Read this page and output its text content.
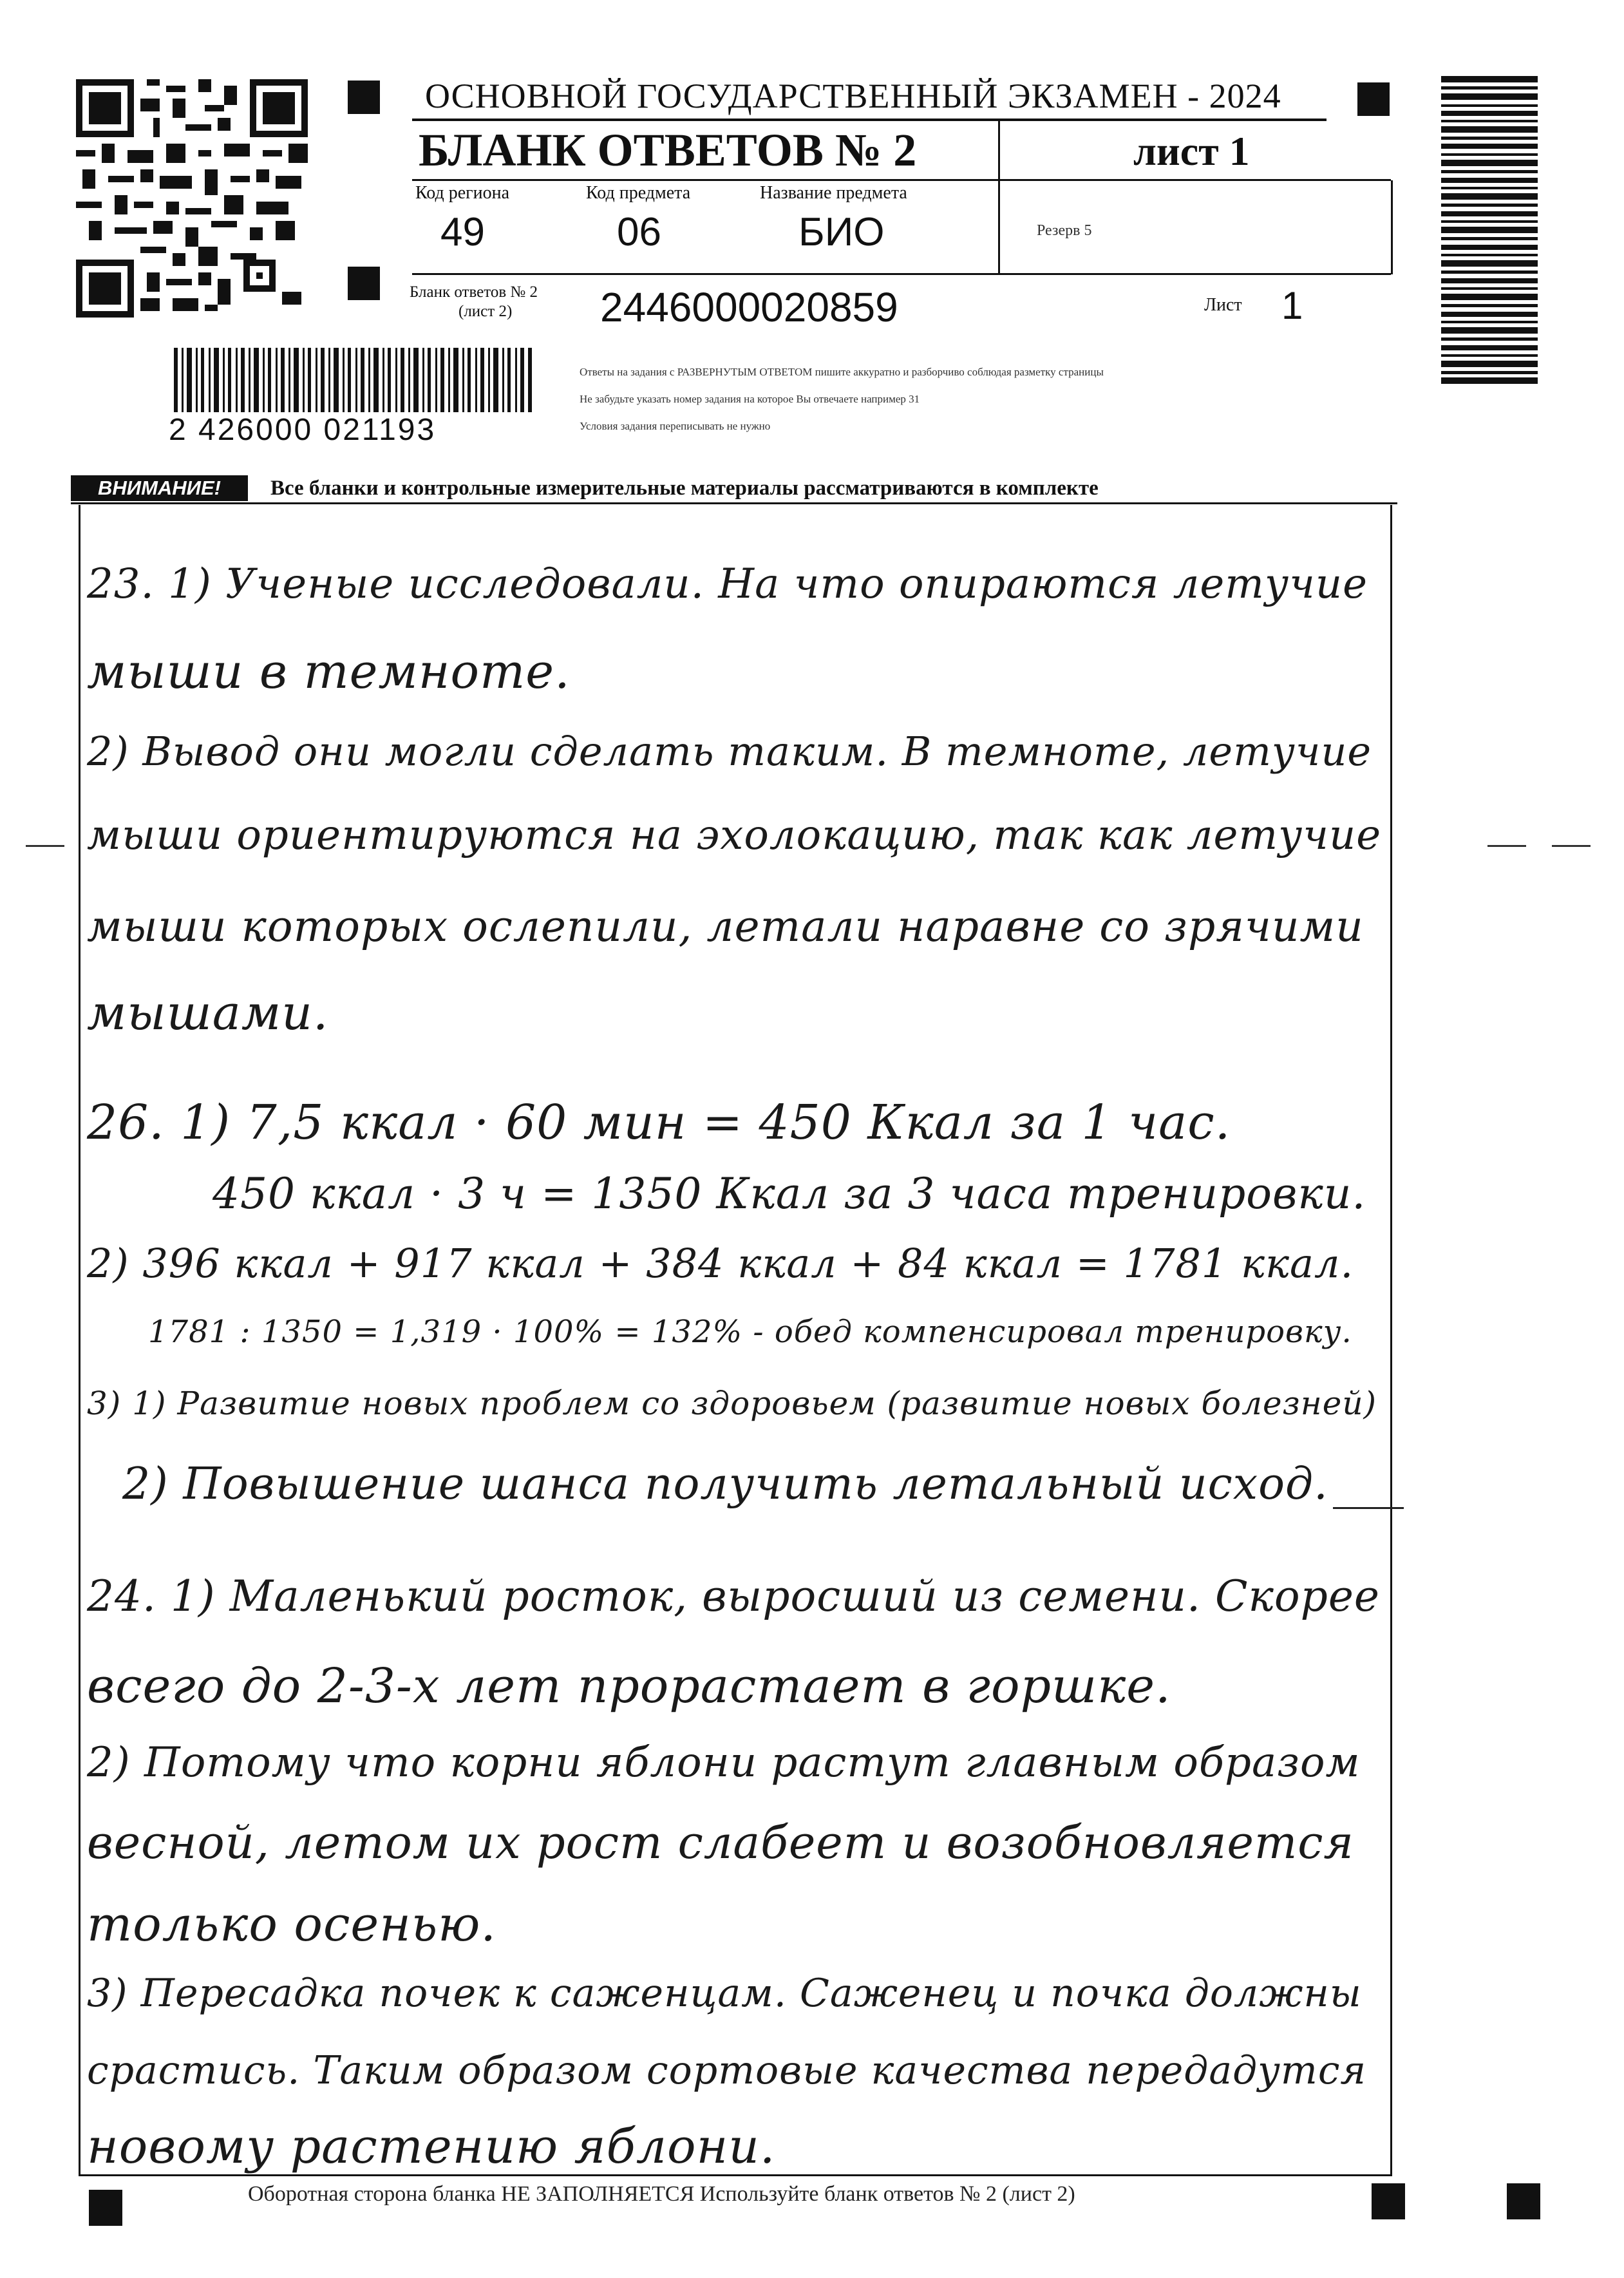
2 426000 021193
ОСНОВНОЙ ГОСУДАРСТВЕННЫЙ ЭКЗАМЕН - 2024
БЛАНК ОТВЕТОВ № 2	лист 1
Код региона
49
Код предмета
06
Название предмета
БИО	Резерв 5
Бланк ответов № 2
(лист 2) 2446000020859	Лист 1
Ответы на задания с РАЗВЕРНУТЫМ ОТВЕТОМ пишите аккуратно и разборчиво соблюдая разметку страницы
Не забудьте указать номер задания на которое Вы отвечаете например 31
Условия задания переписывать не нужно
ВНИМАНИЕ!	Все бланки и контрольные измерительные материалы рассматриваются в комплекте
23. 1) Ученые исследовали. На что опираются летучие
мыши в темноте.
2) Вывод они могли сделать таким. В темноте, летучие
мыши ориентируются на эхолокацию, так как летучие
мыши которых ослепили, летали наравне со зрячими
мышами.
26. 1) 7,5 ккал · 60 мин = 450 Ккал за 1 час.
450 ккал · 3 ч = 1350 Ккал за 3 часа тренировки.
2) 396 ккал + 917 ккал + 384 ккал + 84 ккал = 1781 ккал.
1781 : 1350 = 1,319 · 100% = 132% - обед компенсировал тренировку.
3) 1) Развитие новых проблем со здоровьем (развитие новых болезней)
2) Повышение шанса получить летальный исход.
24. 1) Маленький росток, выросший из семени. Скорее
всего до 2-3-х лет прорастает в горшке.
2) Потому что корни яблони растут главным образом
весной, летом их рост слабеет и возобновляется
только осенью.
3) Пересадка почек к саженцам. Саженец и почка должны
срастись. Таким образом сортовые качества передадутся
новому растению яблони.
Оборотная сторона бланка НЕ ЗАПОЛНЯЕТСЯ Используйте бланк ответов № 2 (лист 2)
